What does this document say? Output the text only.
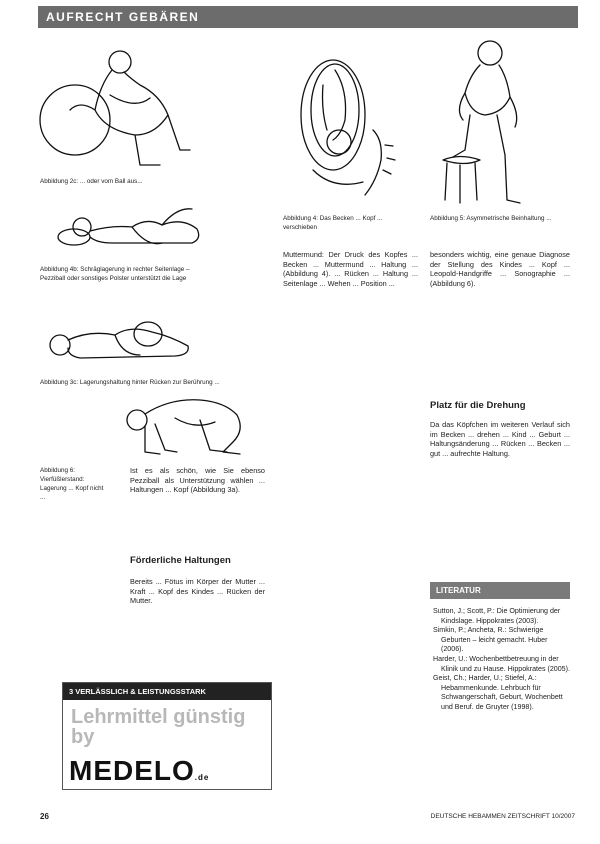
AUFRECHT GEBÄREN
Abbildung 2c: ... oder vom Ball aus...
Abbildung 4b: Schräglagerung in rechter Seitenlage – Pezziball oder sonstiges Polster unterstützt die Lage
Abbildung 3c: Lagerungshaltung hinter Rücken zur Berührung ...
Abbildung 4: Das Becken ... Kopf ... verschieben
Abbildung 5: Asymmetrische Beinhaltung ...
Abbildung 6:
Vierfüßlerstand: Lagerung ... Kopf nicht ...
Ist es als schön, wie Sie ebenso Pezziball als Unterstützung wählen ... Haltungen ... Kopf (Abbildung 3a).
Förderliche Haltungen
Bereits ... Fötus im Körper der Mutter ... Kraft ... Kopf des Kindes ... Rücken der Mutter.
Muttermund: Der Druck des Kopfes ... Becken ... Muttermund ... Haltung ... (Abbildung 4). ... Rücken ... Haltung ... Seitenlage ... Wehen ... Position ...
besonders wichtig, eine genaue Diagnose der Stellung des Kindes ... Kopf ... Leopold-Handgriffe ... Sonographie ... (Abbildung 6).
Platz für die Drehung
Da das Köpfchen im weiteren Verlauf sich im Becken ... drehen ... Kind ... Geburt ... Haltungsänderung ... Rücken ... Becken ... gut ... aufrechte Haltung.
LITERATUR

Sutton, J.; Scott, P.: Die Optimierung der Kindslage. Hippokrates (2003).

Simkin, P.; Ancheta, R.: Schwierige Geburten – leicht gemacht. Huber (2006).

Harder, U.: Wochenbettbetreuung in der Klinik und zu Hause. Hippokrates (2005).

Geist, Ch.; Harder, U.; Stiefel, A.: Hebammenkunde. Lehrbuch für Schwangerschaft, Geburt, Wochenbett und Beruf. de Gruyter (1998).

3 VERLÄSSLICH & LEISTUNGSSTARK
Lehrmittel günstig by
MEDELO.de
26	DEUTSCHE HEBAMMEN ZEITSCHRIFT 10/2007
